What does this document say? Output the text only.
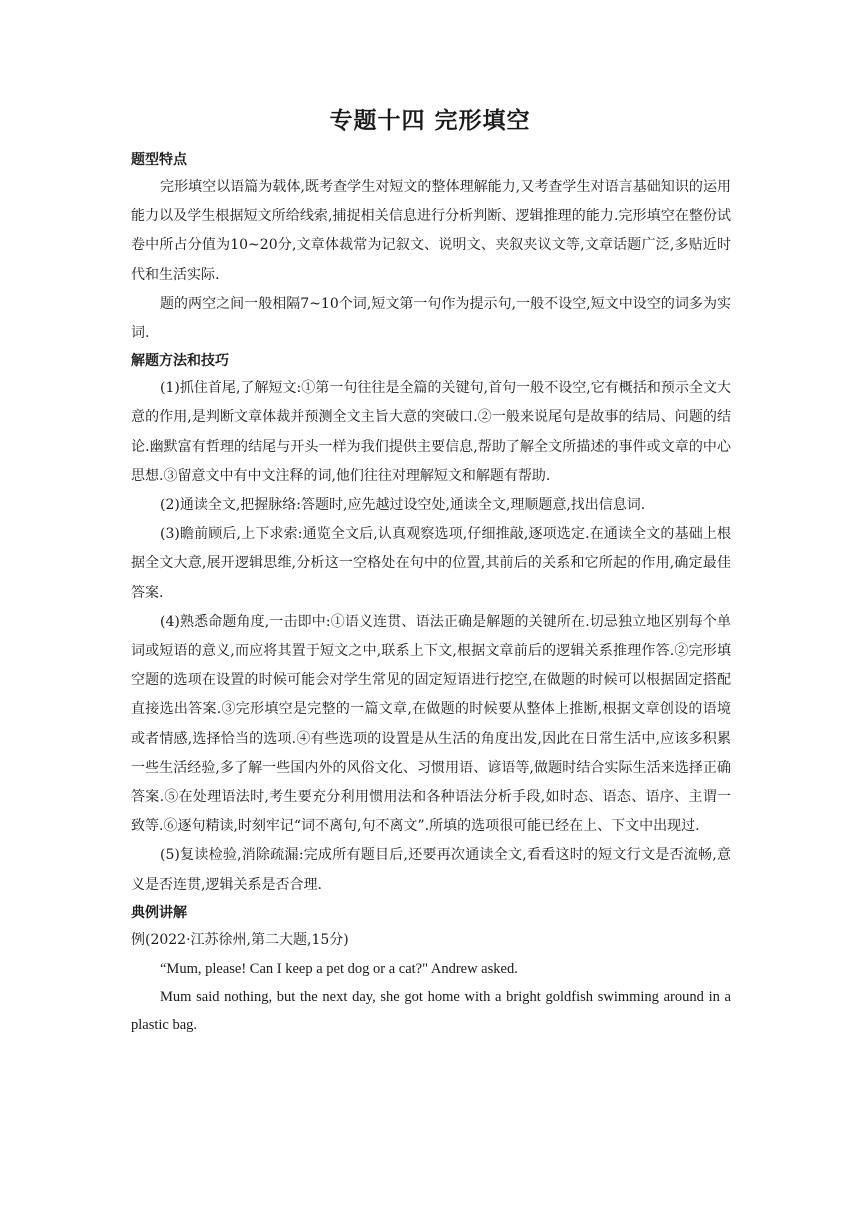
专题十四 完形填空
题型特点

完形填空以语篇为载体,既考查学生对短文的整体理解能力,又考查学生对语言基础知识的运用能力以及学生根据短文所给线索,捕捉相关信息进行分析判断、逻辑推理的能力.完形填空在整份试卷中所占分值为10~20分,文章体裁常为记叙文、说明文、夹叙夹议文等,文章话题广泛,多贴近时代和生活实际.

题的两空之间一般相隔7~10个词,短文第一句作为提示句,一般不设空,短文中设空的词多为实词.

解题方法和技巧

(1)抓住首尾,了解短文:①第一句往往是全篇的关键句,首句一般不设空,它有概括和预示全文大意的作用,是判断文章体裁并预测全文主旨大意的突破口.②一般来说尾句是故事的结局、问题的结论.幽默富有哲理的结尾与开头一样为我们提供主要信息,帮助了解全文所描述的事件或文章的中心思想.③留意文中有中文注释的词,他们往往对理解短文和解题有帮助.

(2)通读全文,把握脉络:答题时,应先越过设空处,通读全文,理顺题意,找出信息词.

(3)瞻前顾后,上下求索:通览全文后,认真观察选项,仔细推敲,逐项选定.在通读全文的基础上根据全文大意,展开逻辑思维,分析这一空格处在句中的位置,其前后的关系和它所起的作用,确定最佳答案.

(4)熟悉命题角度,一击即中:①语义连贯、语法正确是解题的关键所在.切忌独立地区别每个单词或短语的意义,而应将其置于短文之中,联系上下文,根据文章前后的逻辑关系推理作答.②完形填空题的选项在设置的时候可能会对学生常见的固定短语进行挖空,在做题的时候可以根据固定搭配直接选出答案.③完形填空是完整的一篇文章,在做题的时候要从整体上推断,根据文章创设的语境或者情感,选择恰当的选项.④有些选项的设置是从生活的角度出发,因此在日常生活中,应该多积累一些生活经验,多了解一些国内外的风俗文化、习惯用语、谚语等,做题时结合实际生活来选择正确答案.⑤在处理语法时,考生要充分利用惯用法和各种语法分析手段,如时态、语态、语序、主谓一致等.⑥逐句精读,时刻牢记“词不离句,句不离文”.所填的选项很可能已经在上、下文中出现过.

(5)复读检验,消除疏漏:完成所有题目后,还要再次通读全文,看看这时的短文行文是否流畅,意义是否连贯,逻辑关系是否合理.

典例讲解

例(2022·江苏徐州,第二大题,15分)

“Mum, please! Can I keep a pet dog or a cat?" Andrew asked.

Mum said nothing, but the next day, she got home with a bright goldfish swimming around in a plastic bag.
